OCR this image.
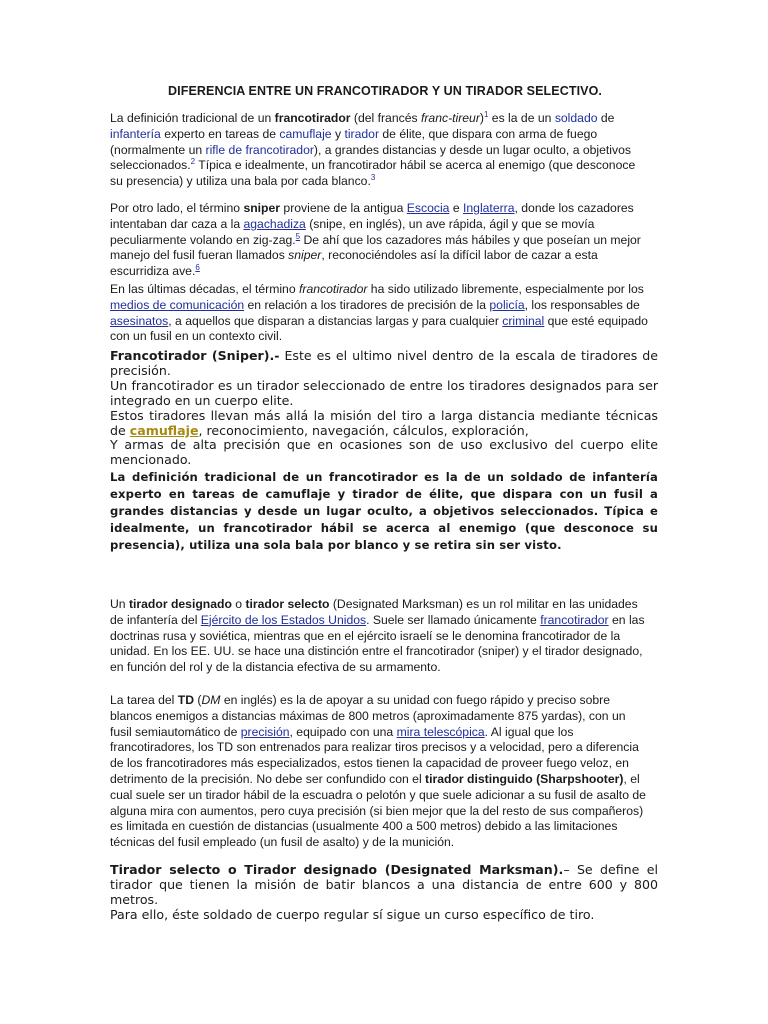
DIFERENCIA ENTRE UN FRANCOTIRADOR Y UN TIRADOR SELECTIVO.
La definición tradicional de un francotirador (del francés franc-tireur)$^1$ es la de un soldado de infantería experto en tareas de camuflaje y tirador de élite, que dispara con arma de fuego (normalmente un rifle de francotirador), a grandes distancias y desde un lugar oculto, a objetivos seleccionados.$^2$ Típica e idealmente, un francotirador hábil se acerca al enemigo (que desconoce su presencia) y utiliza una bala por cada blanco.$^3$
Por otro lado, el término sniper proviene de la antigua Escocia e Inglaterra, donde los cazadores intentaban dar caza a la agachadiza (snipe, en inglés), un ave rápida, ágil y que se movía peculiarmente volando en zig-zag.$^5$ De ahí que los cazadores más hábiles y que poseían un mejor manejo del fusil fueran llamados sniper, reconociéndoles así la difícil labor de cazar a esta escurridiza ave.$^6$
En las últimas décadas, el término francotirador ha sido utilizado libremente, especialmente por los medios de comunicación en relación a los tiradores de precisión de la policía, los responsables de asesinatos, a aquellos que disparan a distancias largas y para cualquier criminal que esté equipado con un fusil en un contexto civil.
Francotirador (Sniper).- Este es el ultimo nivel dentro de la escala de tiradores de precisión.
Un francotirador es un tirador seleccionado de entre los tiradores designados para ser integrado en un cuerpo elite.
Estos tiradores llevan más allá la misión del tiro a larga distancia mediante técnicas de camuflaje, reconocimiento, navegación, cálculos, exploración,
Y armas de alta precisión que en ocasiones son de uso exclusivo del cuerpo elite mencionado.
La definición tradicional de un francotirador es la de un soldado de infantería experto en tareas de camuflaje y tirador de élite, que dispara con un fusil a grandes distancias y desde un lugar oculto, a objetivos seleccionados. Típica e idealmente, un francotirador hábil se acerca al enemigo (que desconoce su presencia), utiliza una sola bala por blanco y se retira sin ser visto.
Un tirador designado o tirador selecto (Designated Marksman) es un rol militar en las unidades de infantería del Ejército de los Estados Unidos. Suele ser llamado únicamente francotirador en las doctrinas rusa y soviética, mientras que en el ejército israelí se le denomina francotirador de la unidad. En los EE. UU. se hace una distinción entre el francotirador (sniper) y el tirador designado, en función del rol y de la distancia efectiva de su armamento.
La tarea del TD (DM en inglés) es la de apoyar a su unidad con fuego rápido y preciso sobre blancos enemigos a distancias máximas de 800 metros (aproximadamente 875 yardas), con un fusil semiautomático de precisión, equipado con una mira telescópica. Al igual que los francotiradores, los TD son entrenados para realizar tiros precisos y a velocidad, pero a diferencia de los francotiradores más especializados, estos tienen la capacidad de proveer fuego veloz, en detrimento de la precisión. No debe ser confundido con el tirador distinguido (Sharpshooter), el cual suele ser un tirador hábil de la escuadra o pelotón y que suele adicionar a su fusil de asalto de alguna mira con aumentos, pero cuya precisión (si bien mejor que la del resto de sus compañeros) es limitada en cuestión de distancias (usualmente 400 a 500 metros) debido a las limitaciones técnicas del fusil empleado (un fusil de asalto) y de la munición.
Tirador selecto o Tirador designado (Designated Marksman).– Se define el tirador que tienen la misión de batir blancos a una distancia de entre 600 y 800 metros.
Para ello, éste soldado de cuerpo regular sí sigue un curso específico de tiro.
